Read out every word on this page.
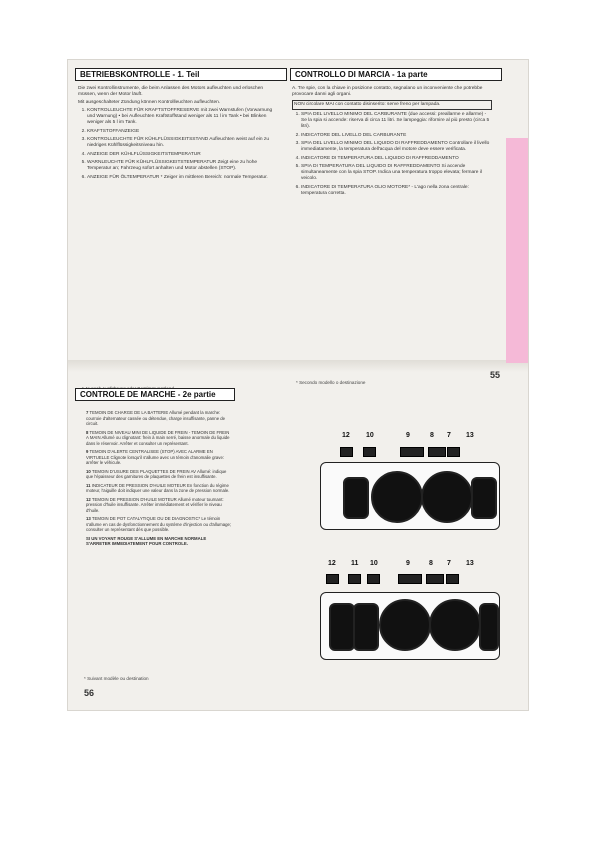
BETRIEBSKONTROLLE - 1. Teil

Die zwei Kontrollinstrumente, die beim Anlassen des Motors aufleuchten und erloschen müssen, wenn der Motor läuft.

Mit ausgeschalteter Zündung können Kontrollleuchten aufleuchten.

1. KONTROLLEUCHTE FÜR KRAFTSTOFFRESERVE mit zwei Warnstufen (Vorwarnung und Warnung) • bei Aufleuchten Kraftstoffstand weniger als 11 l im Tank • bei Blinken weniger als 5 l im Tank.
2. KRAFTSTOFFANZEIGE
3. KONTROLLEUCHTE FÜR KÜHLFLÜSSIGKEITSSTAND Aufleuchten weist auf ein zu niedriges Kühlflüssigkeitsniveau hin.
4. ANZEIGE DER KÜHLFLÜSSIGKEITSTEMPERATUR
5. WARNLEUCHTE FÜR KÜHLFLÜSSIGKEITSTEMPERATUR Zeigt eine zu hohe Temperatur an; Fahrzeug sofort anhalten und Motor abstellen (STOP).
6. ANZEIGE FÜR ÖLTEMPERATUR * Zeiger im mittleren Bereich: normale Temperatur.
CONTROLLO DI MARCIA - 1a parte

A. Tre spie, con la chiave in posizione contatto, segnalano un inconveniente che potrebbe provocare danni agli organi.

NON circolare MAI con contatto disinserito: serve freno per lampada.

1. SPIA DEL LIVELLO MINIMO DEL CARBURANTE (due accessi: preallarme e allarme) - Se la spia si accende: riserva di circa 11 litri. Se lampeggia: rifornire al più presto (circa 5 litri).
2. INDICATORE DEL LIVELLO DEL CARBURANTE
3. SPIA DEL LIVELLO MINIMO DEL LIQUIDO DI RAFFREDDAMENTO Controllare il livello immediatamente, la temperatura dell'acqua del motore deve essere verificata.
4. INDICATORE DI TEMPERATURA DEL LIQUIDO DI RAFFREDDAMENTO
5. SPIA DI TEMPERATURA DEL LIQUIDO DI RAFFREDDAMENTO Si accende simultaneamente con la spia STOP. Indica una temperatura troppo elevata; fermare il veicolo.
6. INDICATORE DI TEMPERATURA OLIO MOTORE* - L'ago nella zona centrale: temperatura corretta.
* Secondo modello o destinazione
55
CONTROLE DE MARCHE - 2e partie
7 TEMOIN DE CHARGE DE LA BATTERIE Allumé pendant la marche: courroie d'alternateur cassée ou détendue, charge insuffisante, panne de circuit.
8 TEMOIN DE NIVEAU MINI DE LIQUIDE DE FREIN - TEMOIN DE FREIN A MAIN Allumé ou clignotant: frein à main serré, baisse anormale du liquide dans le réservoir. Arrêter et consulter un représentant.
9 TEMOIN D'ALERTE CENTRALISEE (STOP) AVEC ALARME EN VIRTUELLE Clignote lorsqu'il s'allume avec un témoin d'anomalie grave: arrêter le véhicule.
10 TEMOIN D'USURE DES PLAQUETTES DE FREIN AV Allumé: indique que l'épaisseur des garnitures de plaquettes de frein est insuffisante.
11 INDICATEUR DE PRESSION D'HUILE MOTEUR En fonction du régime moteur, l'aiguille doit indiquer une valeur dans la zone de pression normale.
12 TEMOIN DE PRESSION D'HUILE MOTEUR Allumé moteur tournant: pression d'huile insuffisante. Arrêter immédiatement et vérifier le niveau d'huile.
13 TEMOIN DE POT CATALYTIQUE OU DE DIAGNOSTIC* Le témoin s'allume en cas de dysfonctionnement du système d'injection ou d'allumage; consulter un représentant dès que possible.

SI UN VOYANT ROUGE S'ALLUME EN MARCHE NORMALE S'ARRETER IMMEDIATEMENT POUR CONTROLE.

* Suivant modèle ou destination
56
12 10	9	8 7 13
12 11 10	9	8 7 13
